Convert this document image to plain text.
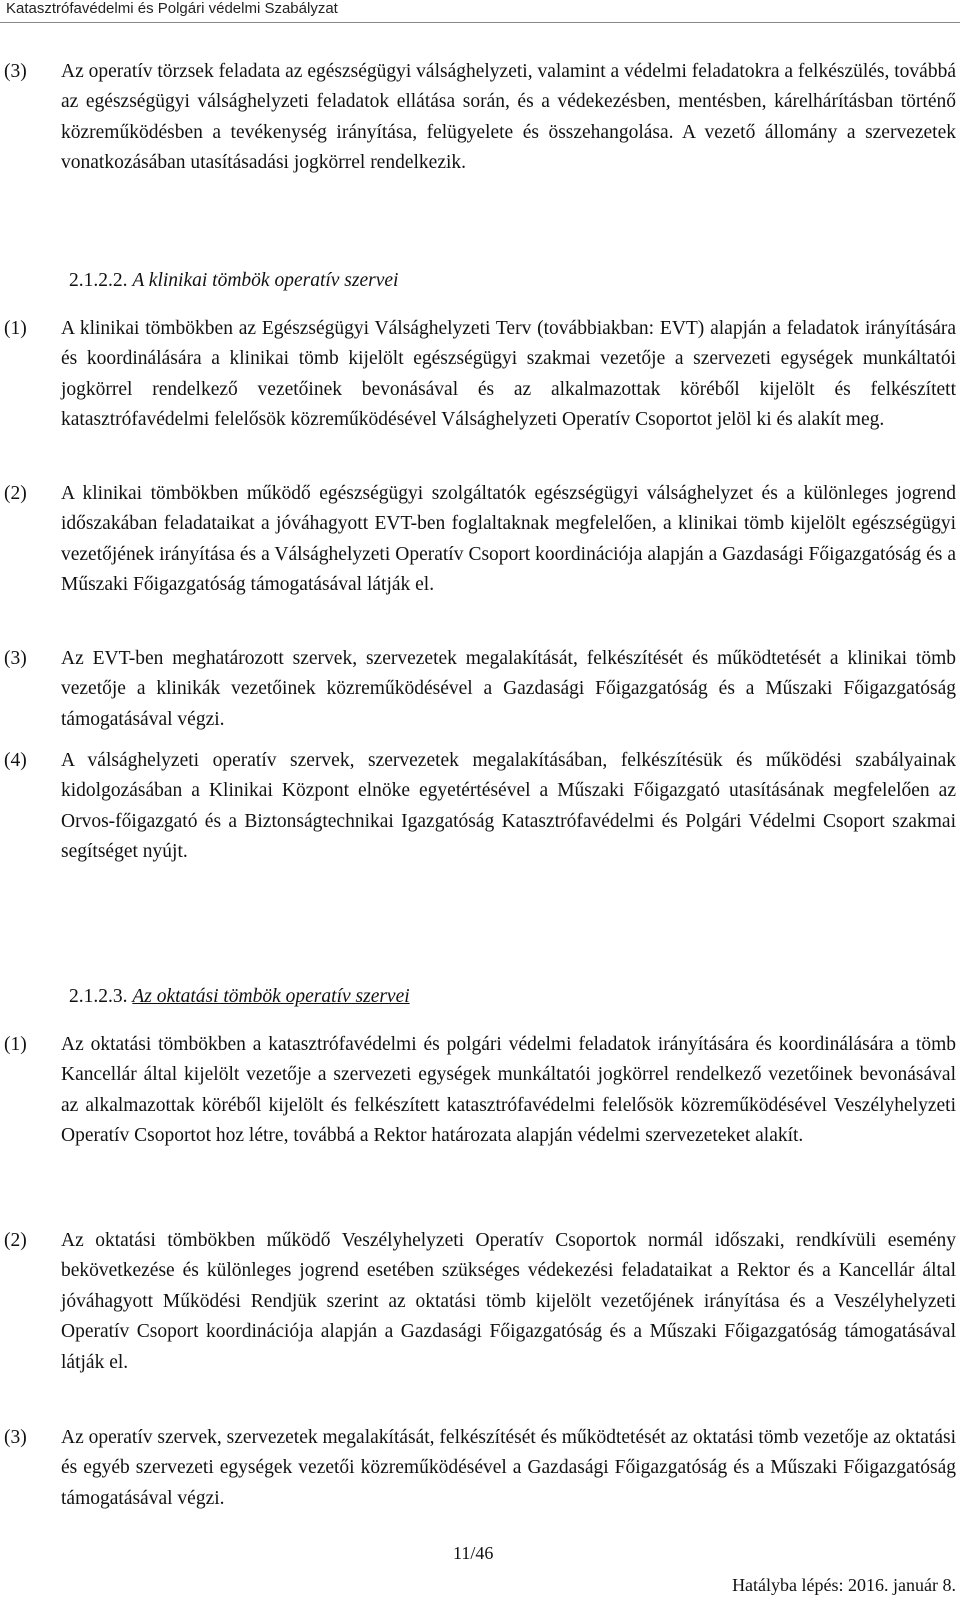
Katasztrófavédelmi és Polgári védelmi Szabályzat
(3) Az operatív törzsek feladata az egészségügyi válsághelyzeti, valamint a védelmi feladatokra a felkészülés, továbbá az egészségügyi válsághelyzeti feladatok ellátása során, és a védekezésben, mentésben, kárelhárításban történő közreműködésben a tevékenység irányítása, felügyelete és összehangolása. A vezető állomány a szervezetek vonatkozásában utasításadási jogkörrel rendelkezik.
2.1.2.2. A klinikai tömbök operatív szervei
(1) A klinikai tömbökben az Egészségügyi Válsághelyzeti Terv (továbbiakban: EVT) alapján a feladatok irányítására és koordinálására a klinikai tömb kijelölt egészségügyi szakmai vezetője a szervezeti egységek munkáltatói jogkörrel rendelkező vezetőinek bevonásával és az alkalmazottak köréből kijelölt és felkészített katasztrófavédelmi felelősök közreműködésével Válsághelyzeti Operatív Csoportot jelöl ki és alakít meg.
(2) A klinikai tömbökben működő egészségügyi szolgáltatók egészségügyi válsághelyzet és a különleges jogrend időszakában feladataikat a jóváhagyott EVT-ben foglaltaknak megfelelően, a klinikai tömb kijelölt egészségügyi vezetőjének irányítása és a Válsághelyzeti Operatív Csoport koordinációja alapján a Gazdasági Főigazgatóság és a Műszaki Főigazgatóság támogatásával látják el.
(3) Az EVT-ben meghatározott szervek, szervezetek megalakítását, felkészítését és működtetését a klinikai tömb vezetője a klinikák vezetőinek közreműködésével a Gazdasági Főigazgatóság és a Műszaki Főigazgatóság támogatásával végzi.
(4) A válsághelyzeti operatív szervek, szervezetek megalakításában, felkészítésük és működési szabályainak kidolgozásában a Klinikai Központ elnöke egyetértésével a Műszaki Főigazgató utasításának megfelelően az Orvos-főigazgató és a Biztonságtechnikai Igazgatóság Katasztrófavédelmi és Polgári Védelmi Csoport szakmai segítséget nyújt.
2.1.2.3. Az oktatási tömbök operatív szervei
(1) Az oktatási tömbökben a katasztrófavédelmi és polgári védelmi feladatok irányítására és koordinálására a tömb Kancellár által kijelölt vezetője a szervezeti egységek munkáltatói jogkörrel rendelkező vezetőinek bevonásával az alkalmazottak köréből kijelölt és felkészített katasztrófavédelmi felelősök közreműködésével Veszélyhelyzeti Operatív Csoportot hoz létre, továbbá a Rektor határozata alapján védelmi szervezeteket alakít.
(2) Az oktatási tömbökben működő Veszélyhelyzeti Operatív Csoportok normál időszaki, rendkívüli esemény bekövetkezése és különleges jogrend esetében szükséges védekezési feladataikat a Rektor és a Kancellár által jóváhagyott Működési Rendjük szerint az oktatási tömb kijelölt vezetőjének irányítása és a Veszélyhelyzeti Operatív Csoport koordinációja alapján a Gazdasági Főigazgatóság és a Műszaki Főigazgatóság támogatásával látják el.
(3) Az operatív szervek, szervezetek megalakítását, felkészítését és működtetését az oktatási tömb vezetője az oktatási és egyéb szervezeti egységek vezetői közreműködésével a Gazdasági Főigazgatóság és a Műszaki Főigazgatóság támogatásával végzi.
11/46
Hatályba lépés: 2016. január 8.
